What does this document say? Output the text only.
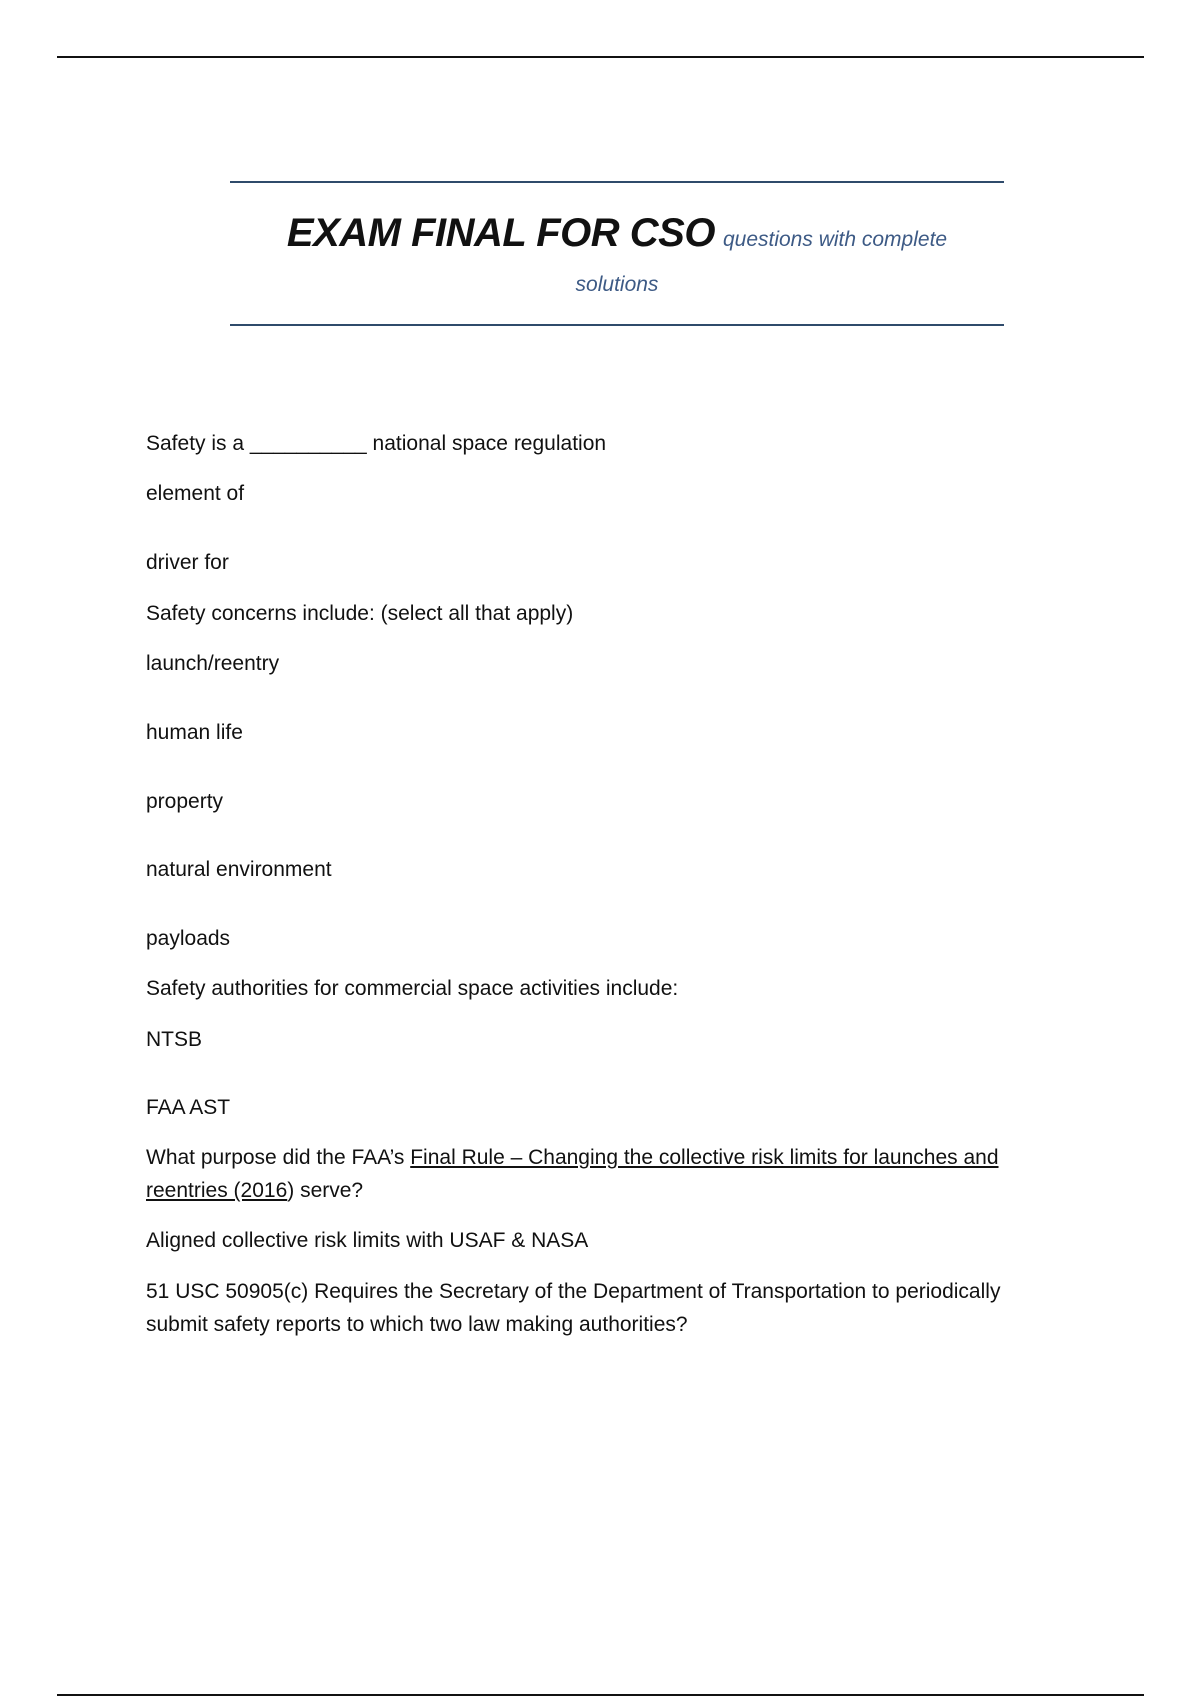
EXAM FINAL FOR CSO questions with complete
solutions
Safety is a __________ national space regulation
element of
driver for
Safety concerns include: (select all that apply)
launch/reentry
human life
property
natural environment
payloads
Safety authorities for commercial space activities include:
NTSB
FAA AST
What purpose did the FAA’s Final Rule – Changing the collective risk limits for launches and
reentries (2016) serve?
Aligned collective risk limits with USAF & NASA
51 USC 50905(c) Requires the Secretary of the Department of Transportation to periodically
submit safety reports to which two law making authorities?
